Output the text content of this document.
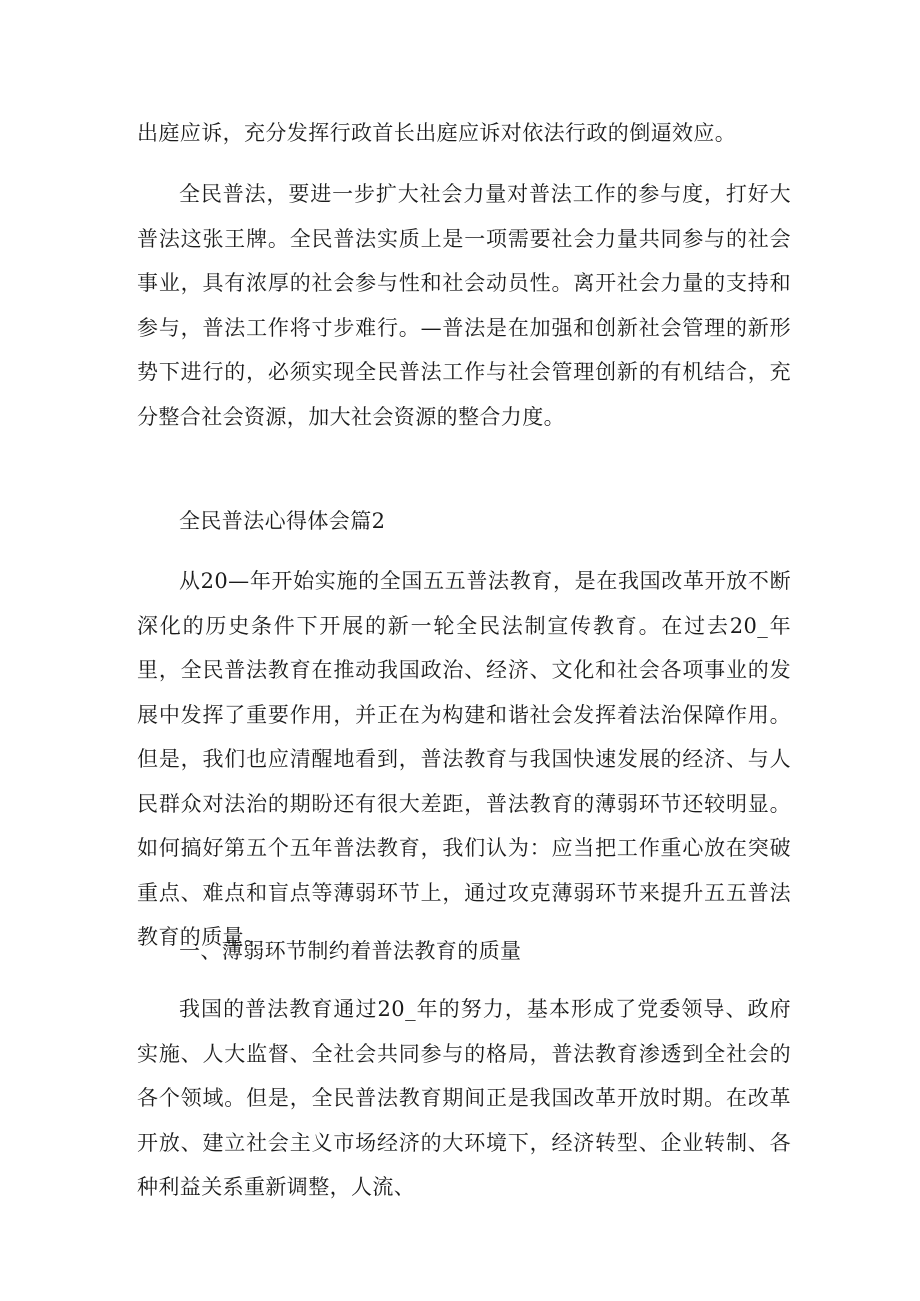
出庭应诉，充分发挥行政首长出庭应诉对依法行政的倒逼效应。

全民普法，要进一步扩大社会力量对普法工作的参与度，打好大普法这张王牌。全民普法实质上是一项需要社会力量共同参与的社会事业，具有浓厚的社会参与性和社会动员性。离开社会力量的支持和参与，普法工作将寸步难行。—普法是在加强和创新社会管理的新形势下进行的，必须实现全民普法工作与社会管理创新的有机结合，充分整合社会资源，加大社会资源的整合力度。

全民普法心得体会篇2

从20—年开始实施的全国五五普法教育，是在我国改革开放不断深化的历史条件下开展的新一轮全民法制宣传教育。在过去20_年里，全民普法教育在推动我国政治、经济、文化和社会各项事业的发展中发挥了重要作用，并正在为构建和谐社会发挥着法治保障作用。但是，我们也应清醒地看到，普法教育与我国快速发展的经济、与人民群众对法治的期盼还有很大差距，普法教育的薄弱环节还较明显。如何搞好第五个五年普法教育，我们认为：应当把工作重心放在突破重点、难点和盲点等薄弱环节上，通过攻克薄弱环节来提升五五普法教育的质量。

一、薄弱环节制约着普法教育的质量

我国的普法教育通过20_年的努力，基本形成了党委领导、政府实施、人大监督、全社会共同参与的格局，普法教育渗透到全社会的各个领域。但是，全民普法教育期间正是我国改革开放时期。在改革开放、建立社会主义市场经济的大环境下，经济转型、企业转制、各种利益关系重新调整，人流、
